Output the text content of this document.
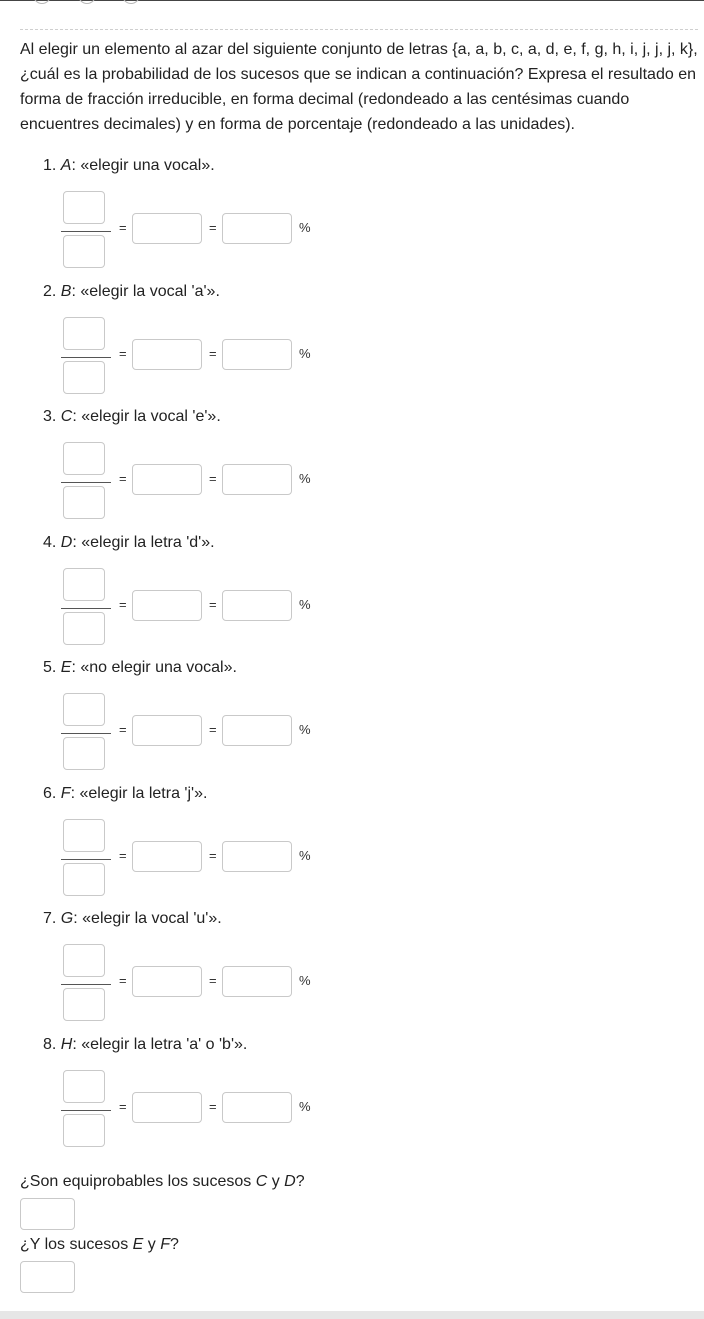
Al elegir un elemento al azar del siguiente conjunto de letras {a, a, b, c, a, d, e, f, g, h, i, j, j, j, k}, ¿cuál es la probabilidad de los sucesos que se indican a continuación? Expresa el resultado en forma de fracción irreducible, en forma decimal (redondeado a las centésimas cuando encuentres decimales) y en forma de porcentaje (redondeado a las unidades).
1. A: «elegir una vocal».
=	=	%
2. B: «elegir la vocal 'a'».
=	=	%
3. C: «elegir la vocal 'e'».
=	=	%
4. D: «elegir la letra 'd'».
=	=	%
5. E: «no elegir una vocal».
=	=	%
6. F: «elegir la letra 'j'».
=	=	%
7. G: «elegir la vocal 'u'».
=	=	%
8. H: «elegir la letra 'a' o 'b'».
=	=	%
¿Son equiprobables los sucesos C y D?
¿Y los sucesos E y F?
